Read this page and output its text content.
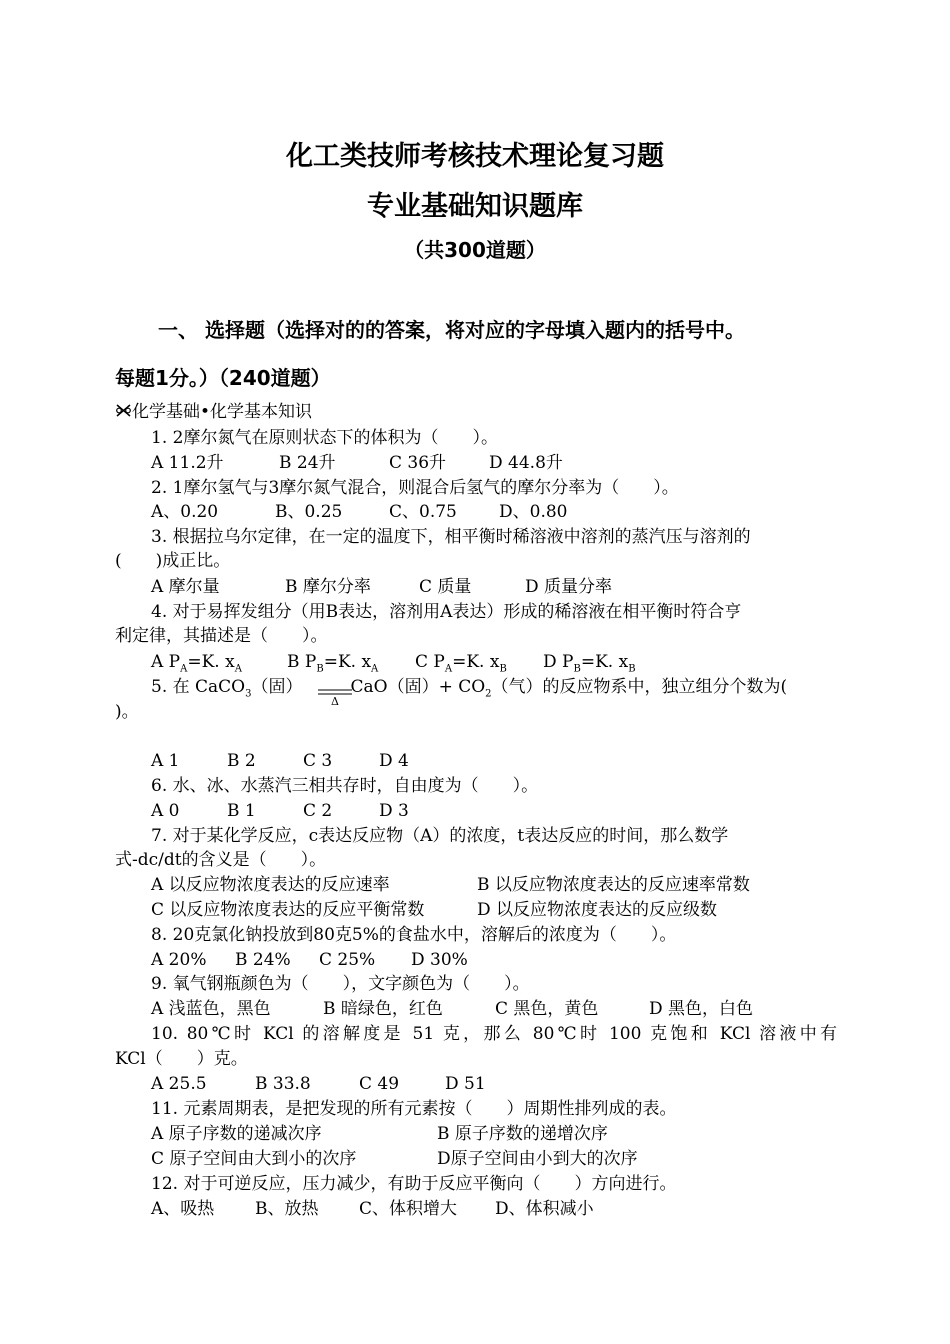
化工类技师考核技术理论复习题
专业基础知识题库
（共300道题）
一、 选择题（选择对的的答案，将对应的字母填入题内的括号中。
每题1分。）（240道题）
化学基础•化学基本知识
1. 2摩尔氮气在原则状态下的体积为（　　）。
A 11.2升	B 24升	C 36升	D 44.8升
2. 1摩尔氢气与3摩尔氮气混合，则混合后氢气的摩尔分率为（　　）。
A、0.20	B、0.25	C、0.75 D、0.80
3. 根据拉乌尔定律，在一定的温度下，相平衡时稀溶液中溶剂的蒸汽压与溶剂的
(　　)成正比。
A 摩尔量	B 摩尔分率	C 质量	D 质量分率
4. 对于易挥发组分（用B表达，溶剂用A表达）形成的稀溶液在相平衡时符合亨
利定律，其描述是（　　）。
A $P_A=K$. $x_A$	B $P_B=K$. $x_A$ C $P_A=K$. $x_B$ D $P_B=K$. $x_B$
5. 在 CaCO$_3$（固）	CaO（固）+ $CO_2$（气）的反应物系中，独立组分个数为(
Δ
)。
A 1	B 2	C 3	D 4
6. 水、冰、水蒸汽三相共存时，自由度为（　　）。
A 0	B 1	C 2	D 3
7. 对于某化学反应，c表达反应物（A）的浓度，t表达反应的时间，那么数学
式-dc/dt的含义是（　　）。
A 以反应物浓度表达的反应速率	B 以反应物浓度表达的反应速率常数
C 以反应物浓度表达的反应平衡常数	D 以反应物浓度表达的反应级数
8. 20克氯化钠投放到80克5%的食盐水中，溶解后的浓度为（　　）。
A 20% B 24% C 25% D 30%
9. 氧气钢瓶颜色为（　　），文字颜色为（　　）。
A 浅蓝色，黑色	B 暗绿色，红色	C 黑色，黄色	D 黑色，白色
10. 80℃时 KCl 的溶解度是 51 克，那么 80℃时 100 克饱和 KCl 溶液中有
KCl（　　）克。
A 25.5	B 33.8	C 49	D 51
11. 元素周期表，是把发现的所有元素按（　　）周期性排列成的表。
A 原子序数的递减次序	B 原子序数的递增次序
C 原子空间由大到小的次序	D原子空间由小到大的次序
12. 对于可逆反应，压力减少，有助于反应平衡向（　　）方向进行。
A、吸热 B、放热 C、体积增大 D、体积减小
